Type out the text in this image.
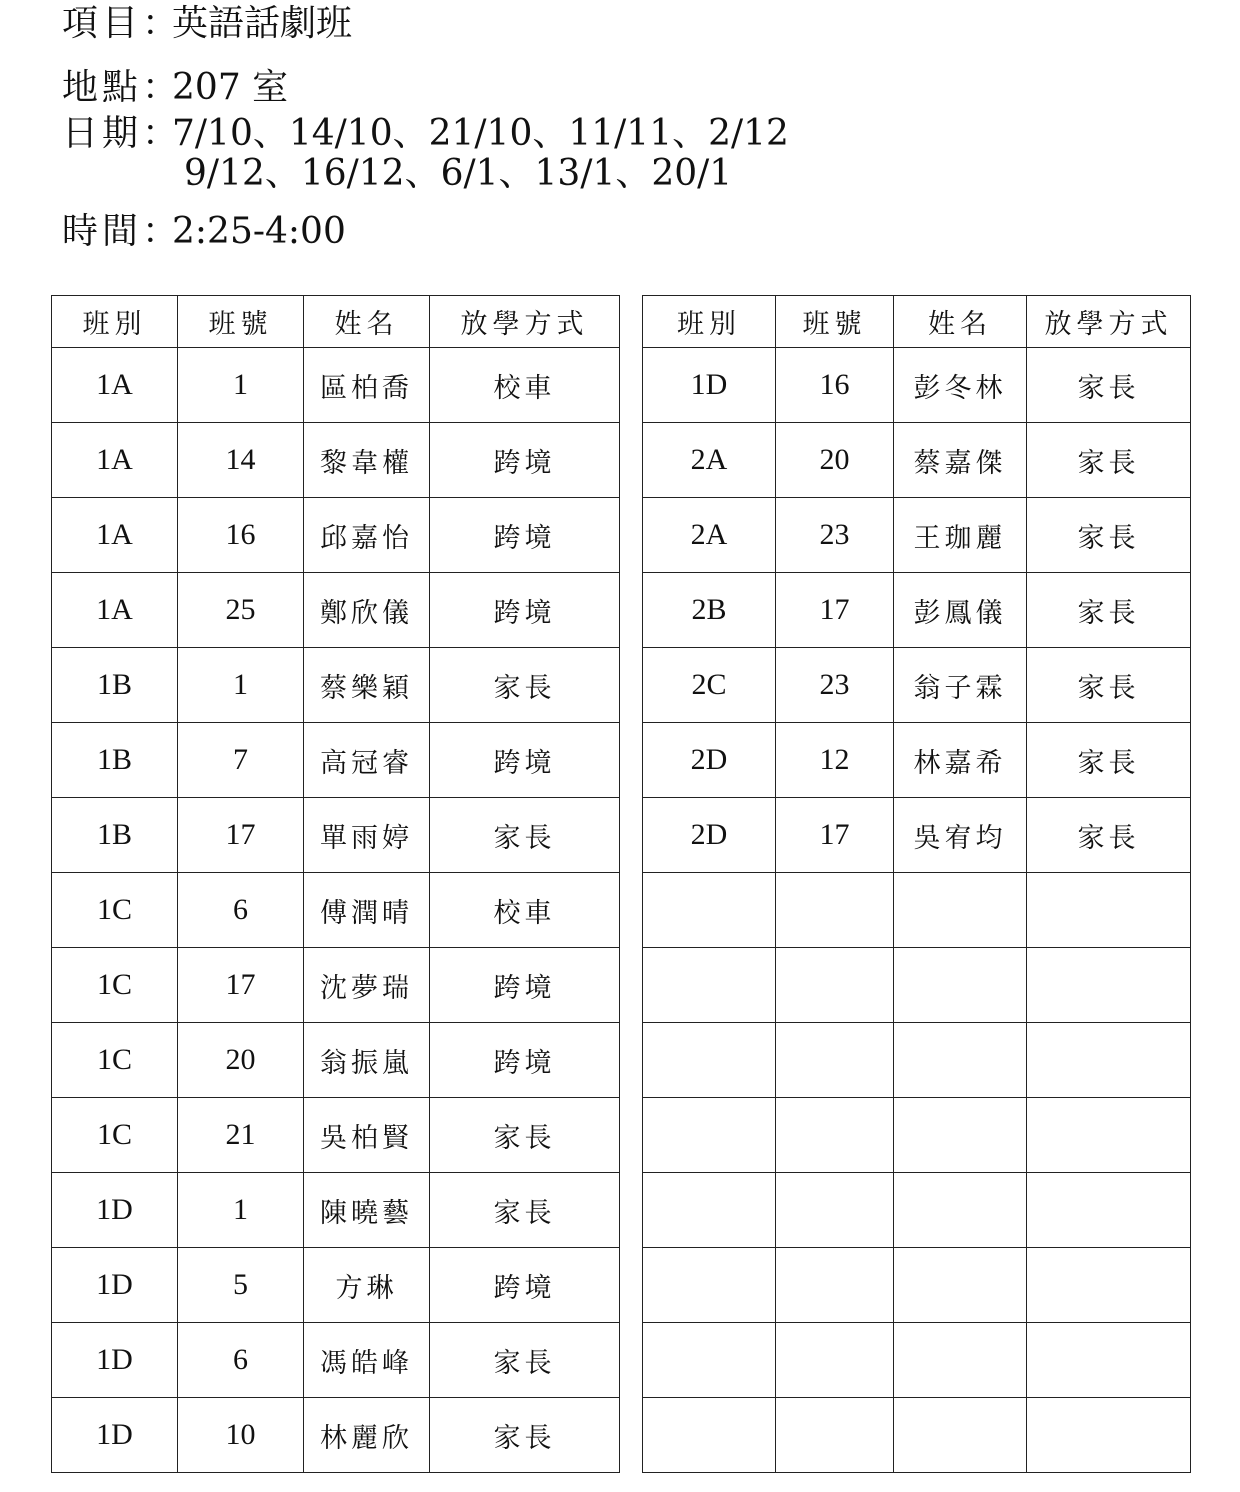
項目：英語話劇班
地點：207 室
日期：7/10、14/10、21/10、11/11、2/12
9/12、16/12、6/1、13/1、20/1
時間：2:25-4:00
班別	班號	姓名	放學方式
1A	1	區柏喬	校車
1A	14	黎韋權	跨境
1A	16	邱嘉怡	跨境
1A	25	鄭欣儀	跨境
1B	1	蔡樂穎	家長
1B	7	高冠睿	跨境
1B	17	單雨婷	家長
1C	6	傅潤晴	校車
1C	17	沈夢瑞	跨境
1C	20	翁振嵐	跨境
1C	21	吳柏賢	家長
1D	1	陳曉藝	家長
1D	5	方琳	跨境
1D	6	馮皓峰	家長
1D	10	林麗欣	家長
班別	班號	姓名	放學方式
1D	16	彭冬林	家長
2A	20	蔡嘉傑	家長
2A	23	王珈麗	家長
2B	17	彭鳳儀	家長
2C	23	翁子霖	家長
2D	12	林嘉希	家長
2D	17	吳宥均	家長
